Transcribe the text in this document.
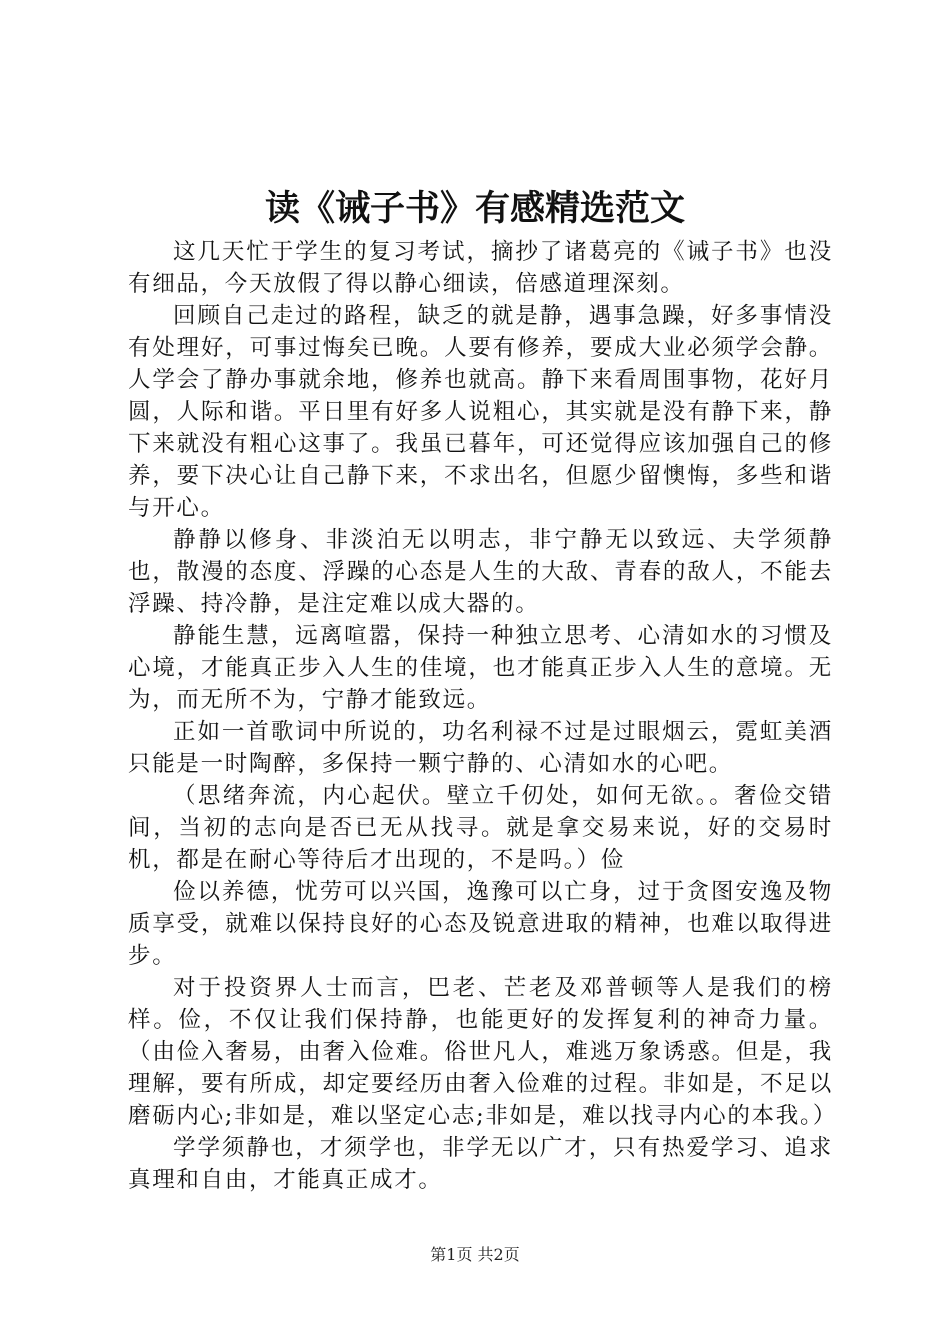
读《诫子书》有感精选范文

这几天忙于学生的复习考试，摘抄了诸葛亮的《诫子书》也没有细品，今天放假了得以静心细读，倍感道理深刻。

回顾自己走过的路程，缺乏的就是静，遇事急躁，好多事情没有处理好，可事过悔矣已晚。人要有修养，要成大业必须学会静。人学会了静办事就余地，修养也就高。静下来看周围事物，花好月圆，人际和谐。平日里有好多人说粗心，其实就是没有静下来，静下来就没有粗心这事了。我虽已暮年，可还觉得应该加强自己的修养，要下决心让自己静下来，不求出名，但愿少留懊悔，多些和谐与开心。

静静以修身、非淡泊无以明志，非宁静无以致远、夫学须静也，散漫的态度、浮躁的心态是人生的大敌、青春的敌人，不能去浮躁、持冷静，是注定难以成大器的。

静能生慧，远离喧嚣，保持一种独立思考、心清如水的习惯及心境，才能真正步入人生的佳境，也才能真正步入人生的意境。无为，而无所不为，宁静才能致远。

正如一首歌词中所说的，功名利禄不过是过眼烟云，霓虹美酒只能是一时陶醉，多保持一颗宁静的、心清如水的心吧。

（思绪奔流，内心起伏。壁立千仞处，如何无欲。。奢俭交错间，当初的志向是否已无从找寻。就是拿交易来说，好的交易时机，都是在耐心等待后才出现的，不是吗。）俭

俭以养德，忧劳可以兴国，逸豫可以亡身，过于贪图安逸及物质享受，就难以保持良好的心态及锐意进取的精神，也难以取得进步。

对于投资界人士而言，巴老、芒老及邓普顿等人是我们的榜样。俭，不仅让我们保持静，也能更好的发挥复利的神奇力量。（由俭入奢易，由奢入俭难。俗世凡人，难逃万象诱惑。但是，我理解，要有所成，却定要经历由奢入俭难的过程。非如是，不足以磨砺内心;非如是，难以坚定心志;非如是，难以找寻内心的本我。）

学学须静也，才须学也，非学无以广才，只有热爱学习、追求真理和自由，才能真正成才。

第1页 共2页
